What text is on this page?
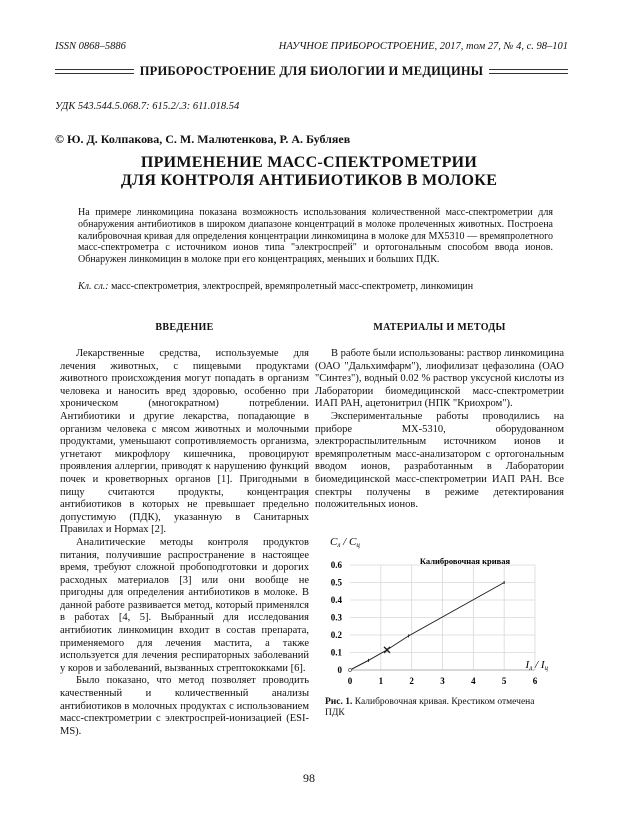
ISSN 0868–5886	НАУЧНОЕ ПРИБОРОСТРОЕНИЕ, 2017, том 27, № 4, c. 98–101
ПРИБОРОСТРОЕНИЕ ДЛЯ БИОЛОГИИ И МЕДИЦИНЫ
УДК 543.544.5.068.7: 615.2/.3: 611.018.54
© Ю. Д. Колпакова, С. М. Малютенкова, Р. А. Бубляев
ПРИМЕНЕНИЕ МАСС-СПЕКТРОМЕТРИИ
ДЛЯ КОНТРОЛЯ АНТИБИОТИКОВ В МОЛОКЕ
На примере линкомицина показана возможность использования количественной масс-спектрометрии для обнаружения антибиотиков в широком диапазоне концентраций в молоке пролеченных животных. Построена калибровочная кривая для определения концентрации линкомицина в молоке для МХ5310 — времяпролетного масс-спектрометра с источником ионов типа "электроспрей" и ортогональным способом ввода ионов. Обнаружен линкомицин в молоке при его концентрациях, меньших и больших ПДК.
Кл. сл.: масс-спектрометрия, электроспрей, времяпролетный масс-спектрометр, линкомицин
ВВЕДЕНИЕ	МАТЕРИАЛЫ И МЕТОДЫ

Лекарственные средства, используемые для лечения животных, с пищевыми продуктами животного происхождения могут попадать в организм человека и наносить вред здоровью, особенно при хроническом (многократном) потреблении. Антибиотики и другие лекарства, попадающие в организм человека с мясом животных и молочными продуктами, уменьшают сопротивляемость организма, угнетают микрофлору кишечника, провоцируют проявления аллергии, приводят к нарушению функций почек и кроветворных органов [1]. Пригодными в пищу считаются продукты, концентрация антибиотиков в которых не превышает предельно допустимую (ПДК), указанную в Санитарных Правилах и Нормах [2].

Аналитические методы контроля продуктов питания, получившие распространение в настоящее время, требуют сложной пробоподготовки и дорогих расходных материалов [3] или они вообще не пригодны для определения антибиотиков в молоке. В данной работе развивается метод, который применялся в работах [4, 5]. Выбранный для исследования антибиотик линкомицин входит в состав препарата, применяемого для лечения мастита, а также используется для лечения респираторных заболеваний у коров и заболеваний, вызванных стрептококками [6].

Было показано, что метод позволяет проводить качественный и количественный анализы антибиотиков в молочных продуктах с использованием масс-спектрометрии с электроспрей-ионизацией (ESI-MS).

В работе были использованы: раствор линкомицина (ОАО "Дальхимфарм"), лиофилизат цефазолина (ОАО "Синтез"), водный 0.02 % раствор уксусной кислоты из Лаборатории биомедицинской масс-спектрометрии ИАП РАН, ацетонитрил (НПК "Криохром").

Экспериментальные работы проводились на приборе МХ-5310, оборудованном электрораспылительным источником ионов и времяпролетным масс-анализатором с ортогональным вводом ионов, разработанным в Лаборатории биомедицинской масс-спектрометрии ИАП РАН. Все спектры получены в режиме детектирования положительных ионов.

0	1	2	3	4	5	6
0
0.1
0.2
0.3
0.4
0.5
0.6
Cл / Cц
Калибровочная кривая
Iл / Iц
Рис. 1. Калибровочная кривая. Крестиком отмечена ПДК
98
